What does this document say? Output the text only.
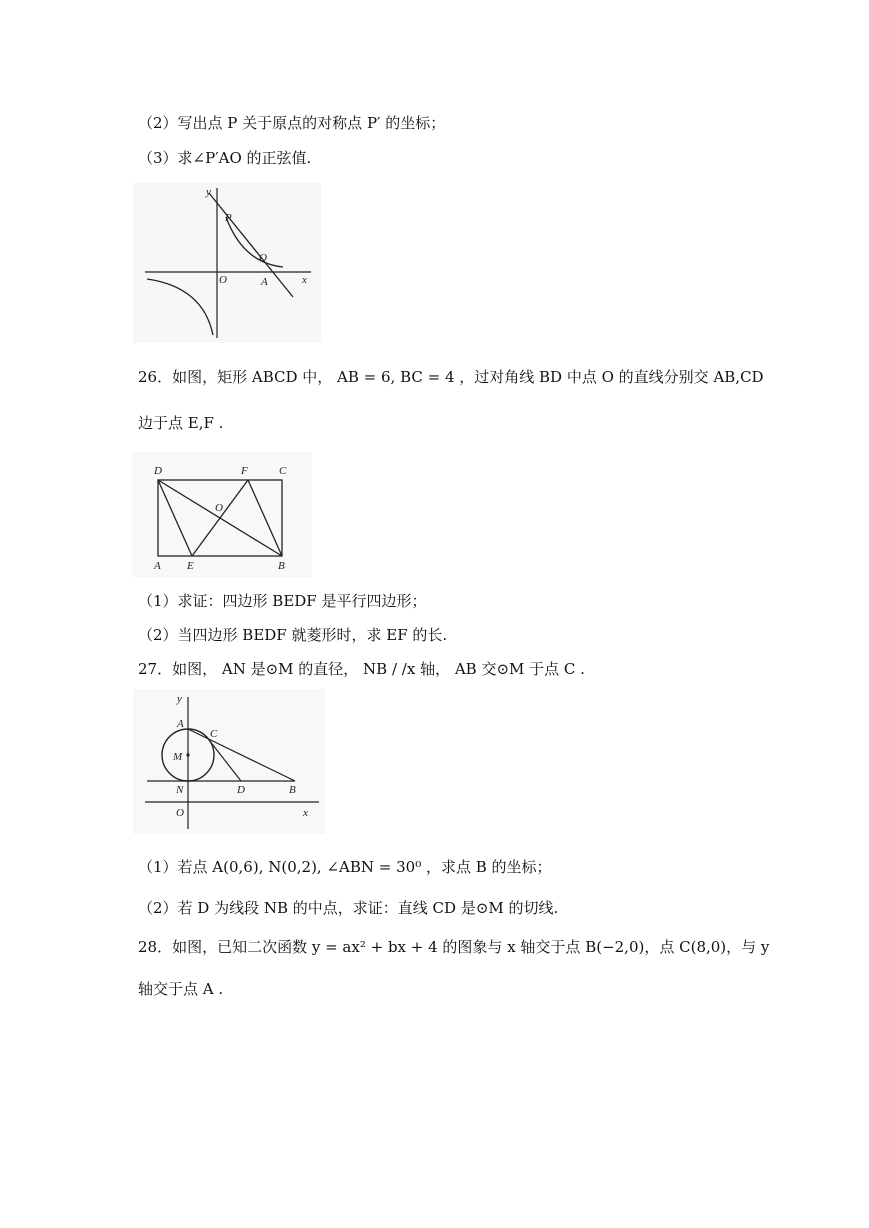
（2）写出点 P 关于原点的对称点 P′ 的坐标；
（3）求∠P′AO 的正弦值.
y
x
P
Q
O	A
26．如图，矩形 ABCD 中， AB = 6, BC = 4 ，过对角线 BD 中点 O 的直线分别交 AB,CD
边于点 E,F .
D	F	C
O
A E	B
（1）求证：四边形 BEDF 是平行四边形；
（2）当四边形 BEDF 就菱形时，求 EF 的长.
27．如图， AN 是⊙M 的直径， NB / /x 轴， AB 交⊙M 于点 C .
y
A
C
M
N	D	B
O	x
（1）若点 A(0,6), N(0,2), ∠ABN = 30⁰ ，求点 B 的坐标；
（2）若 D 为线段 NB 的中点，求证：直线 CD 是⊙M 的切线.
28．如图，已知二次函数 y = ax² + bx + 4 的图象与 x 轴交于点 B(−2,0)，点 C(8,0)，与 y
轴交于点 A .
